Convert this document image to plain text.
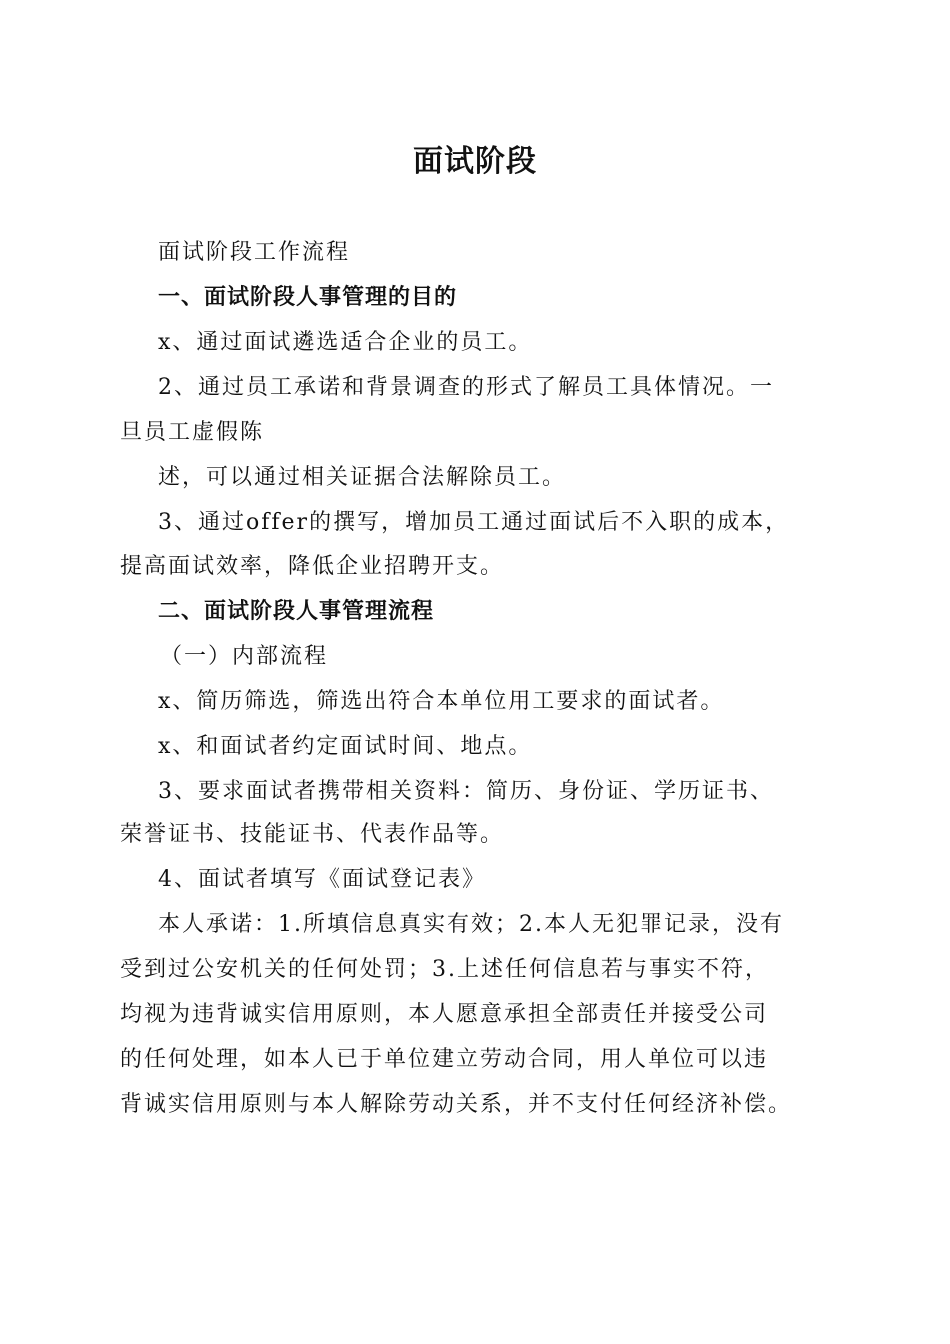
面试阶段
面试阶段工作流程
一、面试阶段人事管理的目的
x、通过面试遴选适合企业的员工。
2、通过员工承诺和背景调查的形式了解员工具体情况。一
旦员工虚假陈
述，可以通过相关证据合法解除员工。
3、通过offer的撰写，增加员工通过面试后不入职的成本，
提高面试效率，降低企业招聘开支。
二、面试阶段人事管理流程
（一）内部流程
x、简历筛选，筛选出符合本单位用工要求的面试者。
x、和面试者约定面试时间、地点。
3、要求面试者携带相关资料：简历、身份证、学历证书、
荣誉证书、技能证书、代表作品等。
4、面试者填写《面试登记表》
本人承诺：1.所填信息真实有效；2.本人无犯罪记录，没有
受到过公安机关的任何处罚；3.上述任何信息若与事实不符，
均视为违背诚实信用原则，本人愿意承担全部责任并接受公司
的任何处理，如本人已于单位建立劳动合同，用人单位可以违
背诚实信用原则与本人解除劳动关系，并不支付任何经济补偿。
